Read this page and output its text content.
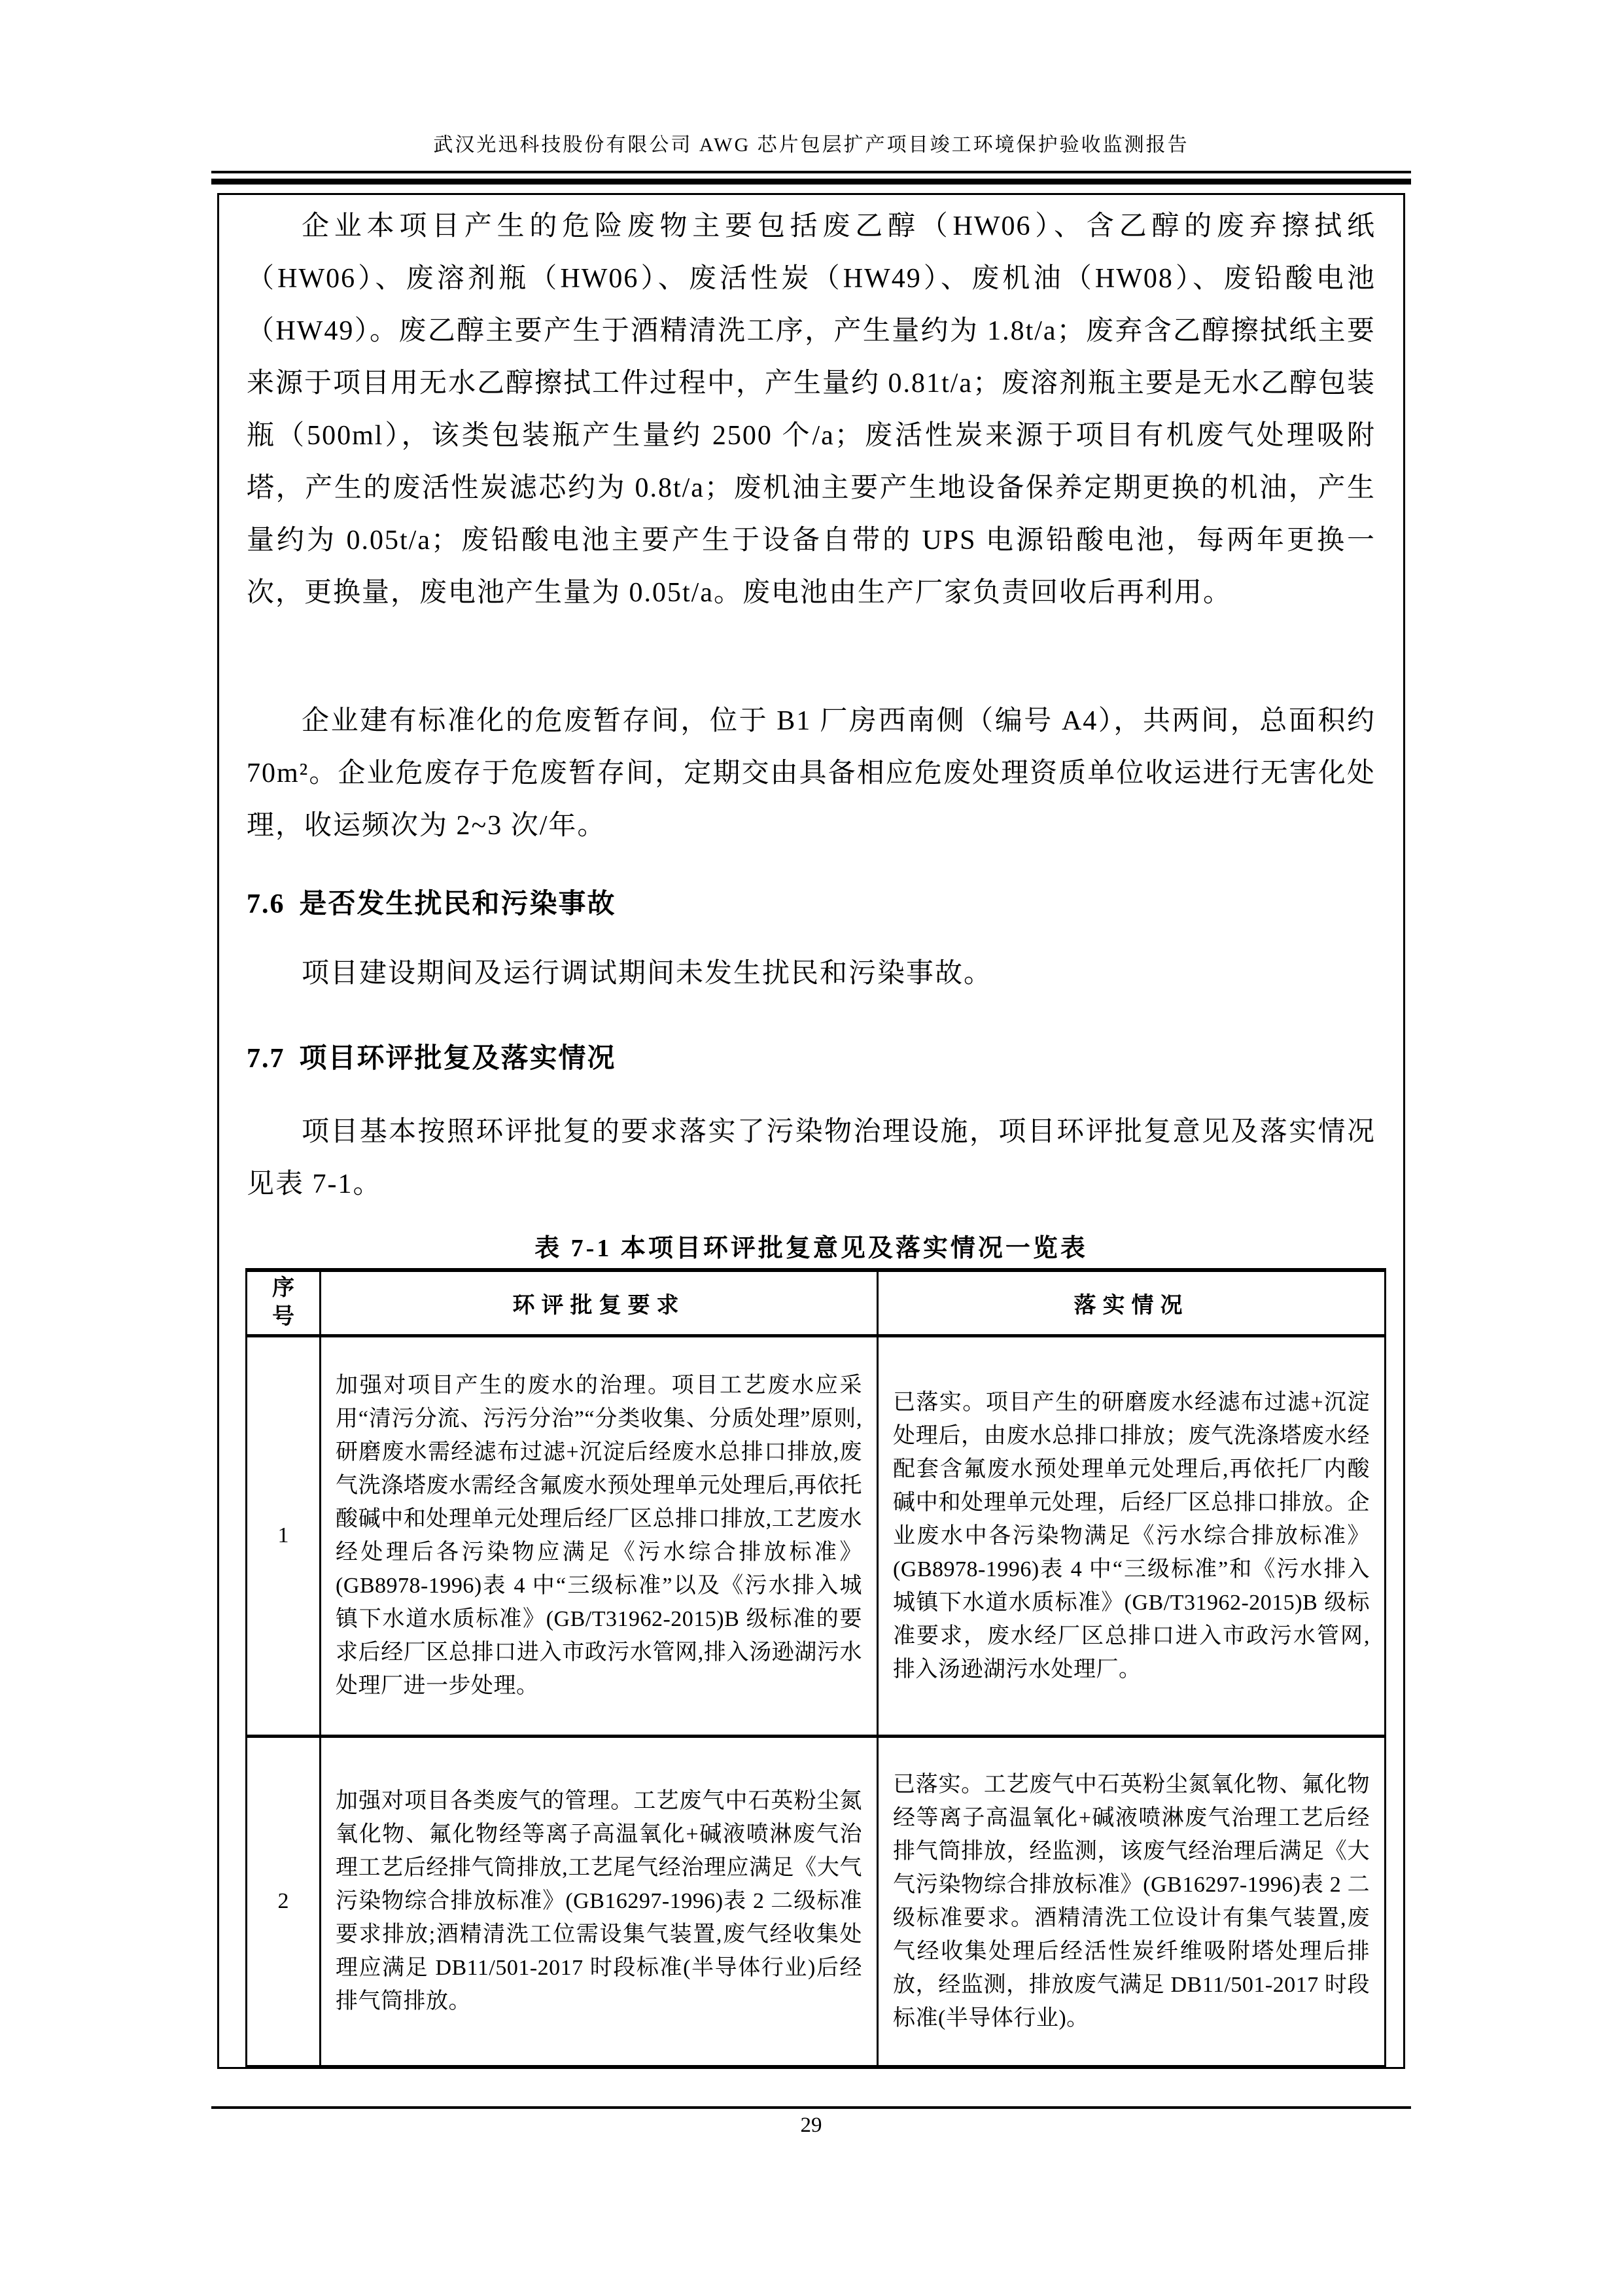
武汉光迅科技股份有限公司 AWG 芯片包层扩产项目竣工环境保护验收监测报告

企业本项目产生的危险废物主要包括废乙醇（HW06）、含乙醇的废弃擦拭纸（HW06）、废溶剂瓶（HW06）、废活性炭（HW49）、废机油（HW08）、废铅酸电池（HW49）。废乙醇主要产生于酒精清洗工序，产生量约为 1.8t/a；废弃含乙醇擦拭纸主要来源于项目用无水乙醇擦拭工件过程中，产生量约 0.81t/a；废溶剂瓶主要是无水乙醇包装瓶（500ml），该类包装瓶产生量约 2500 个/a；废活性炭来源于项目有机废气处理吸附塔，产生的废活性炭滤芯约为 0.8t/a；废机油主要产生地设备保养定期更换的机油，产生量约为 0.05t/a；废铅酸电池主要产生于设备自带的 UPS 电源铅酸电池，每两年更换一次，更换量，废电池产生量为 0.05t/a。废电池由生产厂家负责回收后再利用。

企业建有标准化的危废暂存间，位于 B1 厂房西南侧（编号 A4），共两间，总面积约 70m²。企业危废存于危废暂存间，定期交由具备相应危废处理资质单位收运进行无害化处理，收运频次为 2~3 次/年。

7.6 是否发生扰民和污染事故

项目建设期间及运行调试期间未发生扰民和污染事故。

7.7 项目环评批复及落实情况

项目基本按照环评批复的要求落实了污染物治理设施，项目环评批复意见及落实情况见表 7-1。

表 7-1 本项目环评批复意见及落实情况一览表
序号	环评批复要求	落实情况
1	加强对项目产生的废水的治理。项目工艺废水应采用“清污分流、污污分治”“分类收集、分质处理”原则,研磨废水需经滤布过滤+沉淀后经废水总排口排放,废气洗涤塔废水需经含氟废水预处理单元处理后,再依托酸碱中和处理单元处理后经厂区总排口排放,工艺废水经处理后各污染物应满足《污水综合排放标准》(GB8978-1996)表 4 中“三级标准”以及《污水排入城镇下水道水质标准》(GB/T31962-2015)B 级标准的要求后经厂区总排口进入市政污水管网,排入汤逊湖污水处理厂进一步处理。	已落实。项目产生的研磨废水经滤布过滤+沉淀处理后，由废水总排口排放；废气洗涤塔废水经配套含氟废水预处理单元处理后,再依托厂内酸碱中和处理单元处理，后经厂区总排口排放。企业废水中各污染物满足《污水综合排放标准》(GB8978-1996)表 4 中“三级标准”和《污水排入城镇下水道水质标准》(GB/T31962-2015)B 级标准要求，废水经厂区总排口进入市政污水管网,排入汤逊湖污水处理厂。
2	加强对项目各类废气的管理。工艺废气中石英粉尘氮氧化物、氟化物经等离子高温氧化+碱液喷淋废气治理工艺后经排气筒排放,工艺尾气经治理应满足《大气污染物综合排放标准》(GB16297-1996)表 2 二级标准要求排放;酒精清洗工位需设集气装置,废气经收集处理应满足 DB11/501-2017 时段标准(半导体行业)后经排气筒排放。	已落实。工艺废气中石英粉尘氮氧化物、氟化物经等离子高温氧化+碱液喷淋废气治理工艺后经排气筒排放，经监测，该废气经治理后满足《大气污染物综合排放标准》(GB16297-1996)表 2 二级标准要求。酒精清洗工位设计有集气装置,废气经收集处理后经活性炭纤维吸附塔处理后排放，经监测，排放废气满足 DB11/501-2017 时段标准(半导体行业)。
29
